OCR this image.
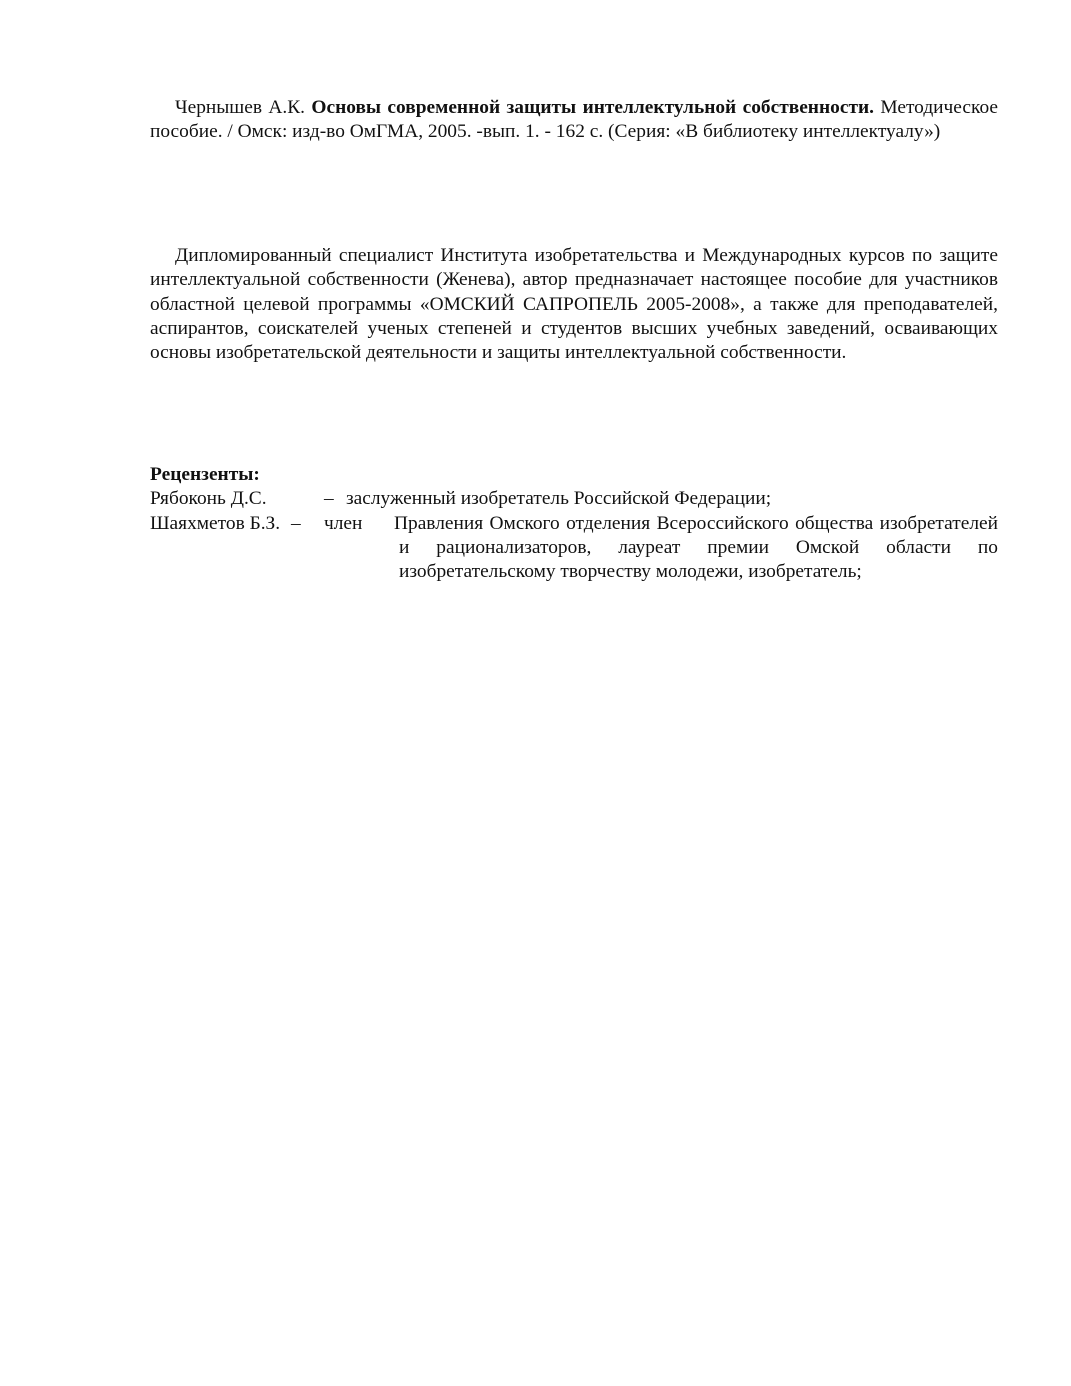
Чернышев А.К. Основы современной защиты интеллектульной собственности. Методическое пособие. / Омск: изд-во ОмГМА, 2005. -вып. 1. - 162 с. (Серия: «В библиотеку интеллектуалу»)

Дипломированный специалист Института изобретательства и Международных курсов по защите интеллектуальной собственности (Женева), автор предназначает настоящее пособие для участников областной целевой программы «ОМСКИЙ САПРОПЕЛЬ 2005-2008», а также для преподавателей, аспирантов, соискателей ученых степеней и студентов высших учебных заведений, осваивающих основы изобретательской деятельности и защиты интеллектуальной собственности.

Рецензенты:

Рябоконь Д.С.	– заслуженный изобретатель Российской Федерации;
Шаяхметов Б.З. – член Правления Омского отделения Всероссийского общества изобретателей и рационализаторов, лауреат премии Омской области по изобретательскому творчеству молодежи, изобретатель;
